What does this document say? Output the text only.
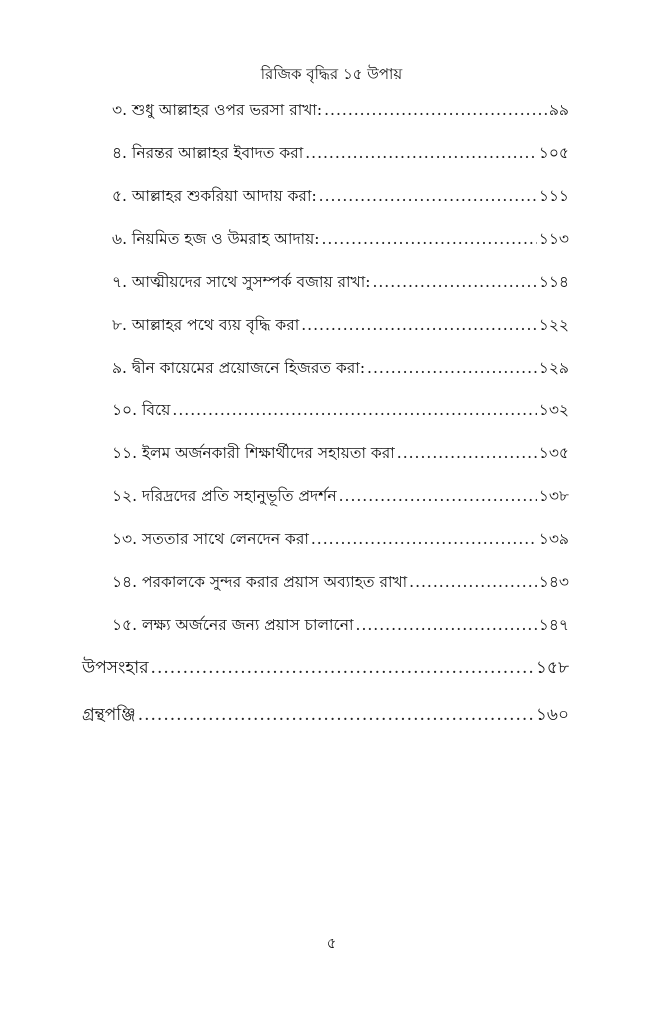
রিজিক বৃদ্ধির ১৫ উপায়
৩. শুধু আল্লাহর ওপর ভরসা রাখা: .....	৯৯
৪. নিরন্তর আল্লাহর ইবাদত করা .....	১০৫
৫. আল্লাহর শুকরিয়া আদায় করা: .....	১১১
৬. নিয়মিত হজ ও উমরাহ আদায়: .....	১১৩
৭. আত্মীয়দের সাথে সুসম্পর্ক বজায় রাখা: .....	১১৪
৮. আল্লাহর পথে ব্যয় বৃদ্ধি করা .....	১২২
৯. দ্বীন কায়েমের প্রয়োজনে হিজরত করা: .....	১২৯
১০. বিয়ে .....	১৩২
১১. ইলম অর্জনকারী শিক্ষার্থীদের সহায়তা করা .....	১৩৫
১২. দরিদ্রদের প্রতি সহানুভূতি প্রদর্শন .....	১৩৮
১৩. সততার সাথে লেনদেন করা .....	১৩৯
১৪. পরকালকে সুন্দর করার প্রয়াস অব্যাহত রাখা .....	১৪৩
১৫. লক্ষ্য অর্জনের জন্য প্রয়াস চালানো .....	১৪৭
উপসংহার .....	১৫৮
গ্রন্থপঞ্জি .....	১৬০
৫
